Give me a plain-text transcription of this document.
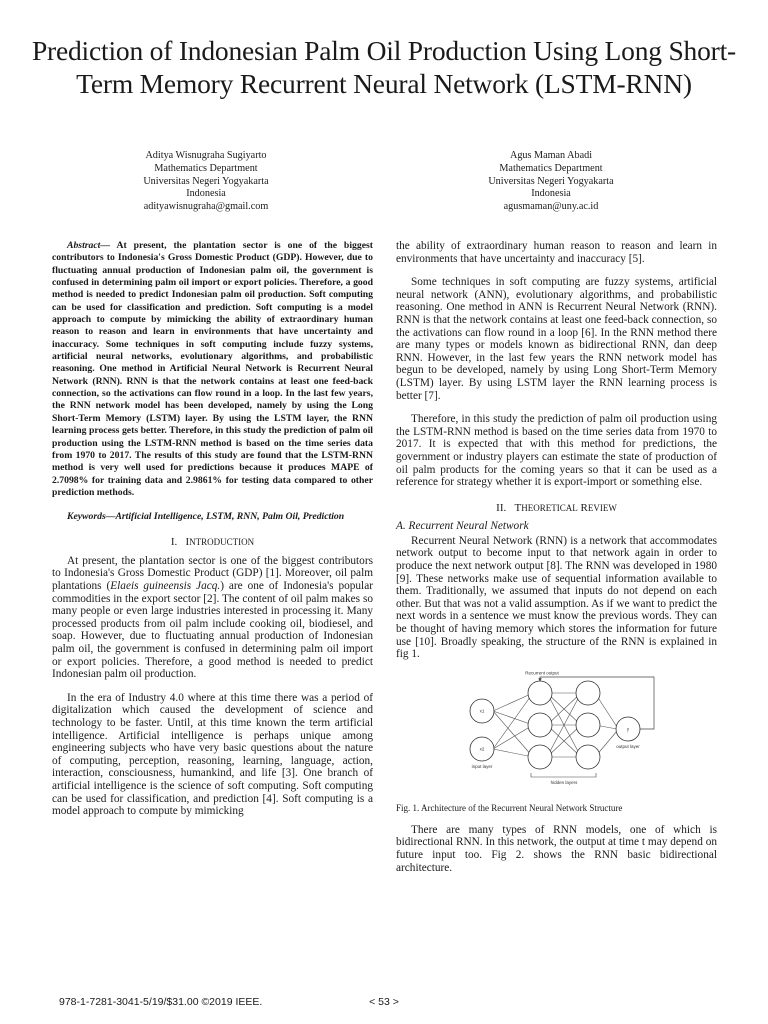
Prediction of Indonesian Palm Oil Production Using Long Short-Term Memory Recurrent Neural Network (LSTM-RNN)
Aditya Wisnugraha Sugiyarto
Mathematics Department
Universitas Negeri Yogyakarta
Indonesia
adityawisnugraha@gmail.com
Agus Maman Abadi
Mathematics Department
Universitas Negeri Yogyakarta
Indonesia
agusmaman@uny.ac.id
Abstract— At present, the plantation sector is one of the biggest contributors to Indonesia's Gross Domestic Product (GDP). However, due to fluctuating annual production of Indonesian palm oil, the government is confused in determining palm oil import or export policies. Therefore, a good method is needed to predict Indonesian palm oil production. Soft computing can be used for classification and prediction. Soft computing is a model approach to compute by mimicking the ability of extraordinary human reason to reason and learn in environments that have uncertainty and inaccuracy. Some techniques in soft computing include fuzzy systems, artificial neural networks, evolutionary algorithms, and probabilistic reasoning. One method in Artificial Neural Network is Recurrent Neural Network (RNN). RNN is that the network contains at least one feed-back connection, so the activations can flow round in a loop. In the last few years, the RNN network model has been developed, namely by using the Long Short-Term Memory (LSTM) layer. By using the LSTM layer, the RNN learning process gets better. Therefore, in this study the prediction of palm oil production using the LSTM-RNN method is based on the time series data from 1970 to 2017. The results of this study are found that the LSTM-RNN method is very well used for predictions because it produces MAPE of 2.7098% for training data and 2.9861% for testing data compared to other prediction methods.
Keywords—Artificial Intelligence, LSTM, RNN, Palm Oil, Prediction
I. INTRODUCTION

At present, the plantation sector is one of the biggest contributors to Indonesia's Gross Domestic Product (GDP) [1]. Moreover, oil palm plantations (Elaeis guineensis Jacq.) are one of Indonesia's popular commodities in the export sector [2]. The content of oil palm makes so many people or even large industries interested in processing it. Many processed products from oil palm include cooking oil, biodiesel, and soap. However, due to fluctuating annual production of Indonesian palm oil, the government is confused in determining palm oil import or export policies. Therefore, a good method is needed to predict Indonesian palm oil production.

In the era of Industry 4.0 where at this time there was a period of digitalization which caused the development of science and technology to be faster. Until, at this time known the term artificial intelligence. Artificial intelligence is perhaps unique among engineering subjects who have very basic questions about the nature of computing, perception, reasoning, learning, language, action, interaction, consciousness, humankind, and life [3]. One branch of artificial intelligence is the science of soft computing. Soft computing can be used for classification, and prediction [4]. Soft computing is a model approach to compute by mimicking

the ability of extraordinary human reason to reason and learn in environments that have uncertainty and inaccuracy [5].

Some techniques in soft computing are fuzzy systems, artificial neural network (ANN), evolutionary algorithms, and probabilistic reasoning. One method in ANN is Recurrent Neural Network (RNN). RNN is that the network contains at least one feed-back connection, so the activations can flow round in a loop [6]. In the RNN method there are many types or models known as bidirectional RNN, dan deep RNN. However, in the last few years the RNN network model has begun to be developed, namely by using Long Short-Term Memory (LSTM) layer. By using LSTM layer the RNN learning process is better [7].

Therefore, in this study the prediction of palm oil production using the LSTM-RNN method is based on the time series data from 1970 to 2017. It is expected that with this method for predictions, the government or industry players can estimate the state of production of oil palm products for the coming years so that it can be used as a reference for strategy whether it is export-import or something else.

II. THEORETICAL REVIEW
A. Recurrent Neural Network

Recurrent Neural Network (RNN) is a network that accommodates network output to become input to that network again in order to produce the next network output [8]. The RNN was developed in 1980 [9]. These networks make use of sequential information available to them. Traditionally, we assumed that inputs do not depend on each other. But that was not a valid assumption. As if we want to predict the next words in a sentence we must know the previous words. They can be thought of having memory which stores the information for future use [10]. Broadly speaking, the structure of the RNN is explained in fig 1.

Recurrent output
x1
x2
y
input layer
hidden layers
output layer
Fig. 1. Architecture of the Recurrent Neural Network Structure

There are many types of RNN models, one of which is bidirectional RNN. In this network, the output at time t may depend on future input too. Fig 2. shows the RNN basic bidirectional architecture.

978-1-7281-3041-5/19/$31.00 ©2019 IEEE.	< 53 >
